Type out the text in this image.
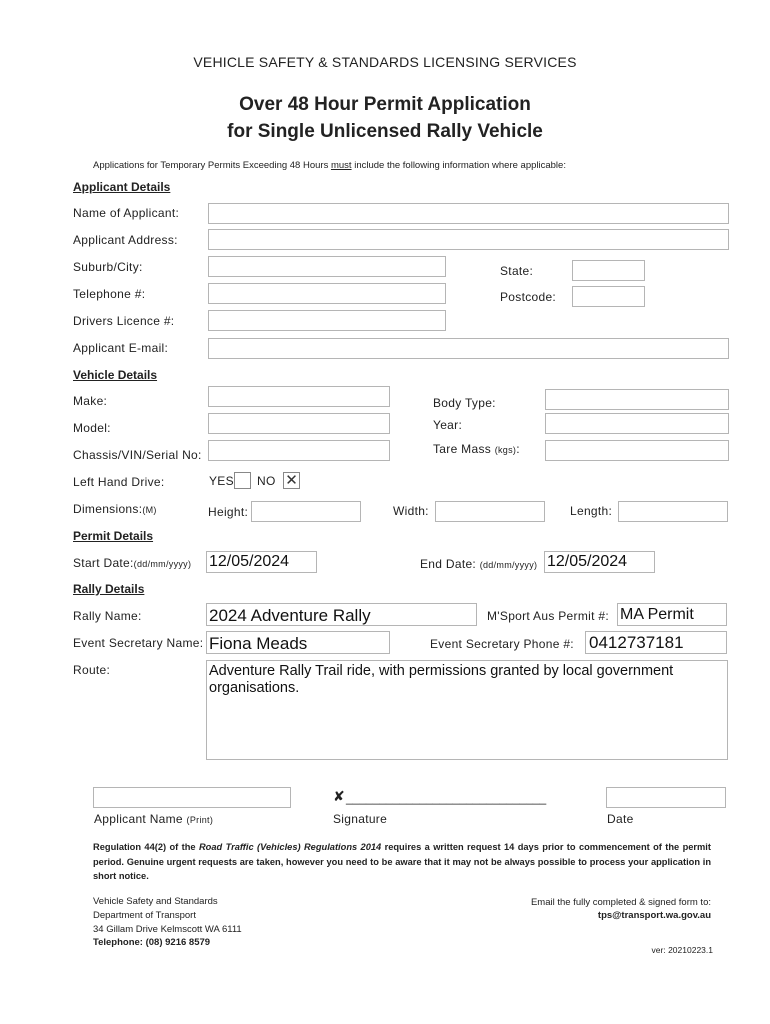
VEHICLE SAFETY & STANDARDS LICENSING SERVICES
Over 48 Hour Permit Application
for Single Unlicensed Rally Vehicle
Applications for Temporary Permits Exceeding 48 Hours must include the following information where applicable:
Applicant Details
Name of Applicant:
Applicant Address:
Suburb/City:	State:
Telephone #:	Postcode:
Drivers Licence #:
Applicant E-mail:
Vehicle Details
Make:	Body Type:
Model:	Year:
Chassis/VIN/Serial No:	Tare Mass (kgs):
Left Hand Drive:	YES NO ✕
Dimensions:(M)	Height:	Width:	Length:
Permit Details
Start Date:(dd/mm/yyyy) 12/05/2024	End Date: (dd/mm/yyyy) 12/05/2024
Rally Details
Rally Name:	2024 Adventure Rally	M'Sport Aus Permit #: MA Permit
Event Secretary Name: Fiona Meads	Event Secretary Phone #: 0412737181
Route:	Adventure Rally Trail ride, with permissions granted by local government
organisations.
Applicant Name (Print)
✘ ______________________________
Signature	Date
Regulation 44(2) of the Road Traffic (Vehicles) Regulations 2014 requires a written request 14 days prior to commencement of the permit period. Genuine urgent requests are taken, however you need to be aware that it may not be always possible to process your application in short notice.
Vehicle Safety and Standards
Department of Transport
34 Gillam Drive Kelmscott WA 6111
Telephone: (08) 9216 8579
Email the fully completed & signed form to:
tps@transport.wa.gov.au
ver: 20210223.1
